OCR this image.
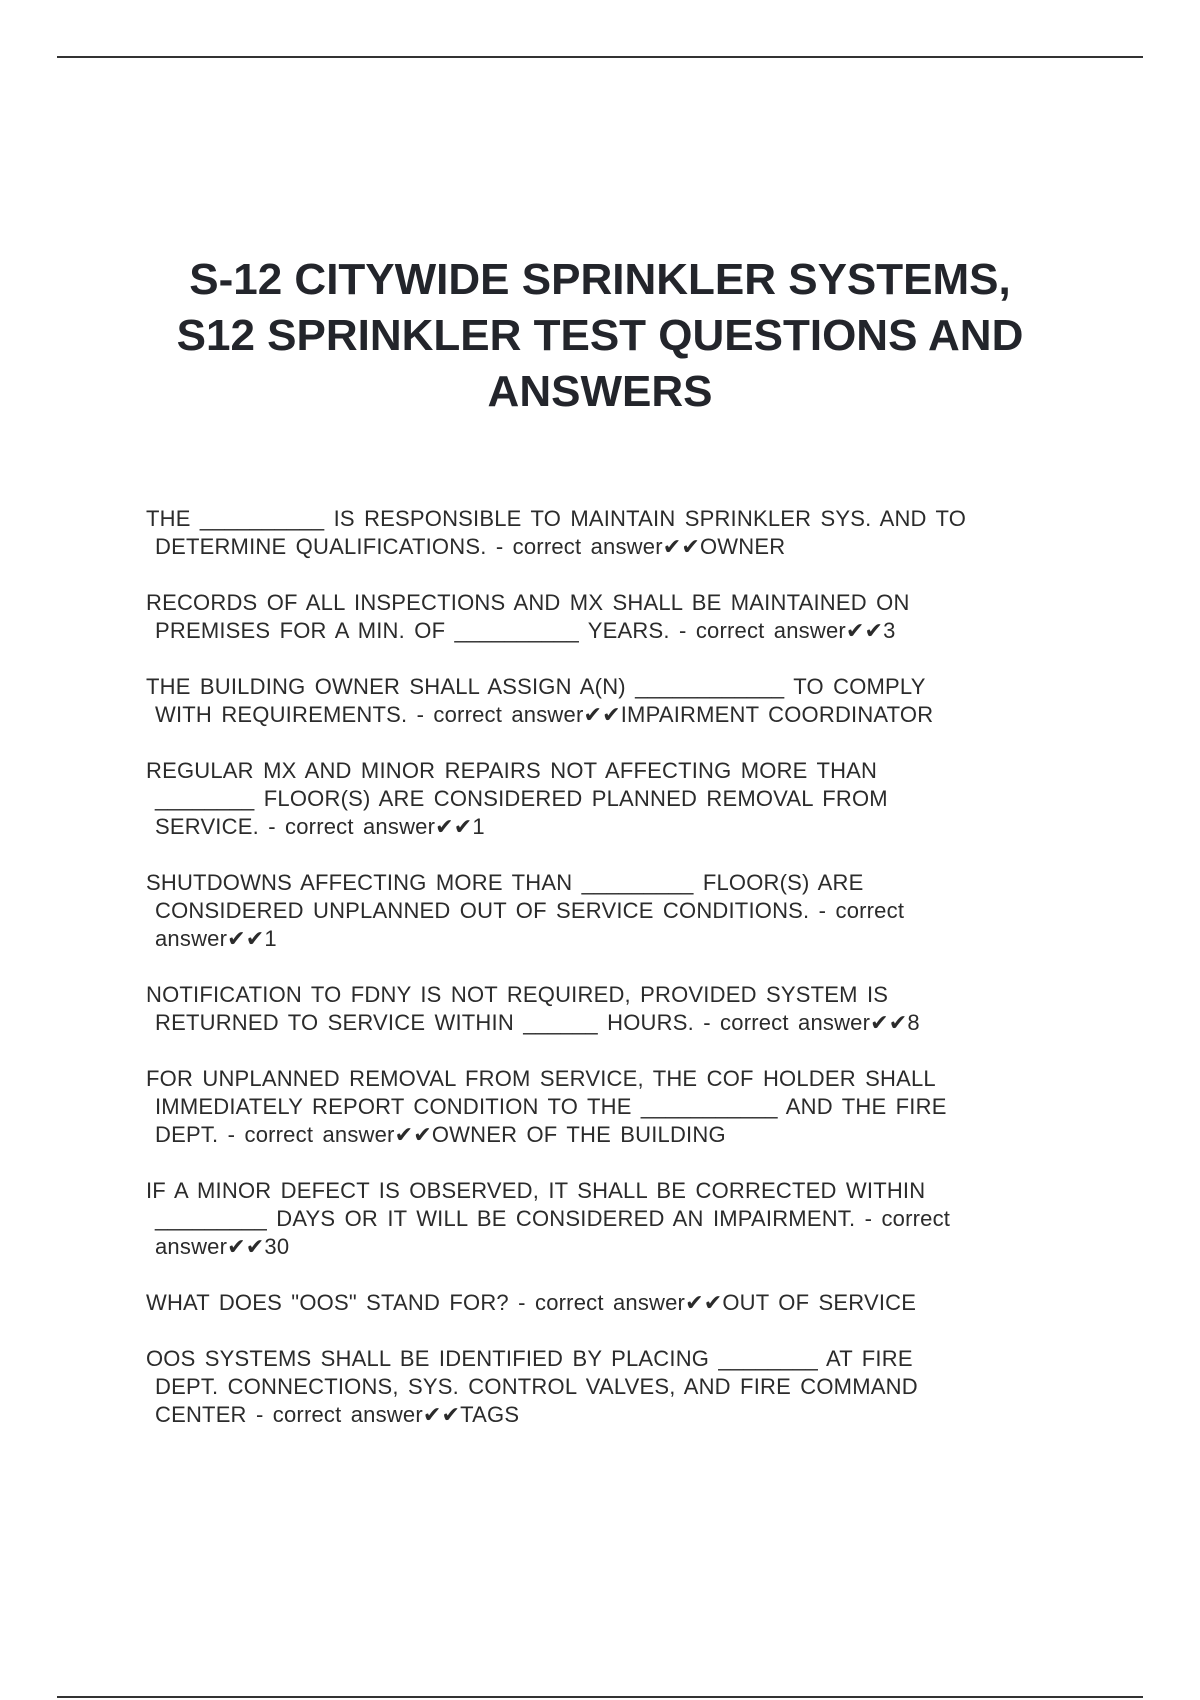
S-12 CITYWIDE SPRINKLER SYSTEMS,
S12 SPRINKLER TEST QUESTIONS AND
ANSWERS
THE __________ IS RESPONSIBLE TO MAINTAIN SPRINKLER SYS. AND TO
DETERMINE QUALIFICATIONS. - correct answer✔✔OWNER
RECORDS OF ALL INSPECTIONS AND MX SHALL BE MAINTAINED ON
PREMISES FOR A MIN. OF __________ YEARS. - correct answer✔✔3
THE BUILDING OWNER SHALL ASSIGN A(N) ____________ TO COMPLY
WITH REQUIREMENTS. - correct answer✔✔IMPAIRMENT COORDINATOR
REGULAR MX AND MINOR REPAIRS NOT AFFECTING MORE THAN
________ FLOOR(S) ARE CONSIDERED PLANNED REMOVAL FROM
SERVICE. - correct answer✔✔1
SHUTDOWNS AFFECTING MORE THAN _________ FLOOR(S) ARE
CONSIDERED UNPLANNED OUT OF SERVICE CONDITIONS. - correct
answer✔✔1
NOTIFICATION TO FDNY IS NOT REQUIRED, PROVIDED SYSTEM IS
RETURNED TO SERVICE WITHIN ______ HOURS. - correct answer✔✔8
FOR UNPLANNED REMOVAL FROM SERVICE, THE COF HOLDER SHALL
IMMEDIATELY REPORT CONDITION TO THE ___________ AND THE FIRE
DEPT. - correct answer✔✔OWNER OF THE BUILDING
IF A MINOR DEFECT IS OBSERVED, IT SHALL BE CORRECTED WITHIN
_________ DAYS OR IT WILL BE CONSIDERED AN IMPAIRMENT. - correct
answer✔✔30
WHAT DOES "OOS" STAND FOR? - correct answer✔✔OUT OF SERVICE
OOS SYSTEMS SHALL BE IDENTIFIED BY PLACING ________ AT FIRE
DEPT. CONNECTIONS, SYS. CONTROL VALVES, AND FIRE COMMAND
CENTER - correct answer✔✔TAGS
